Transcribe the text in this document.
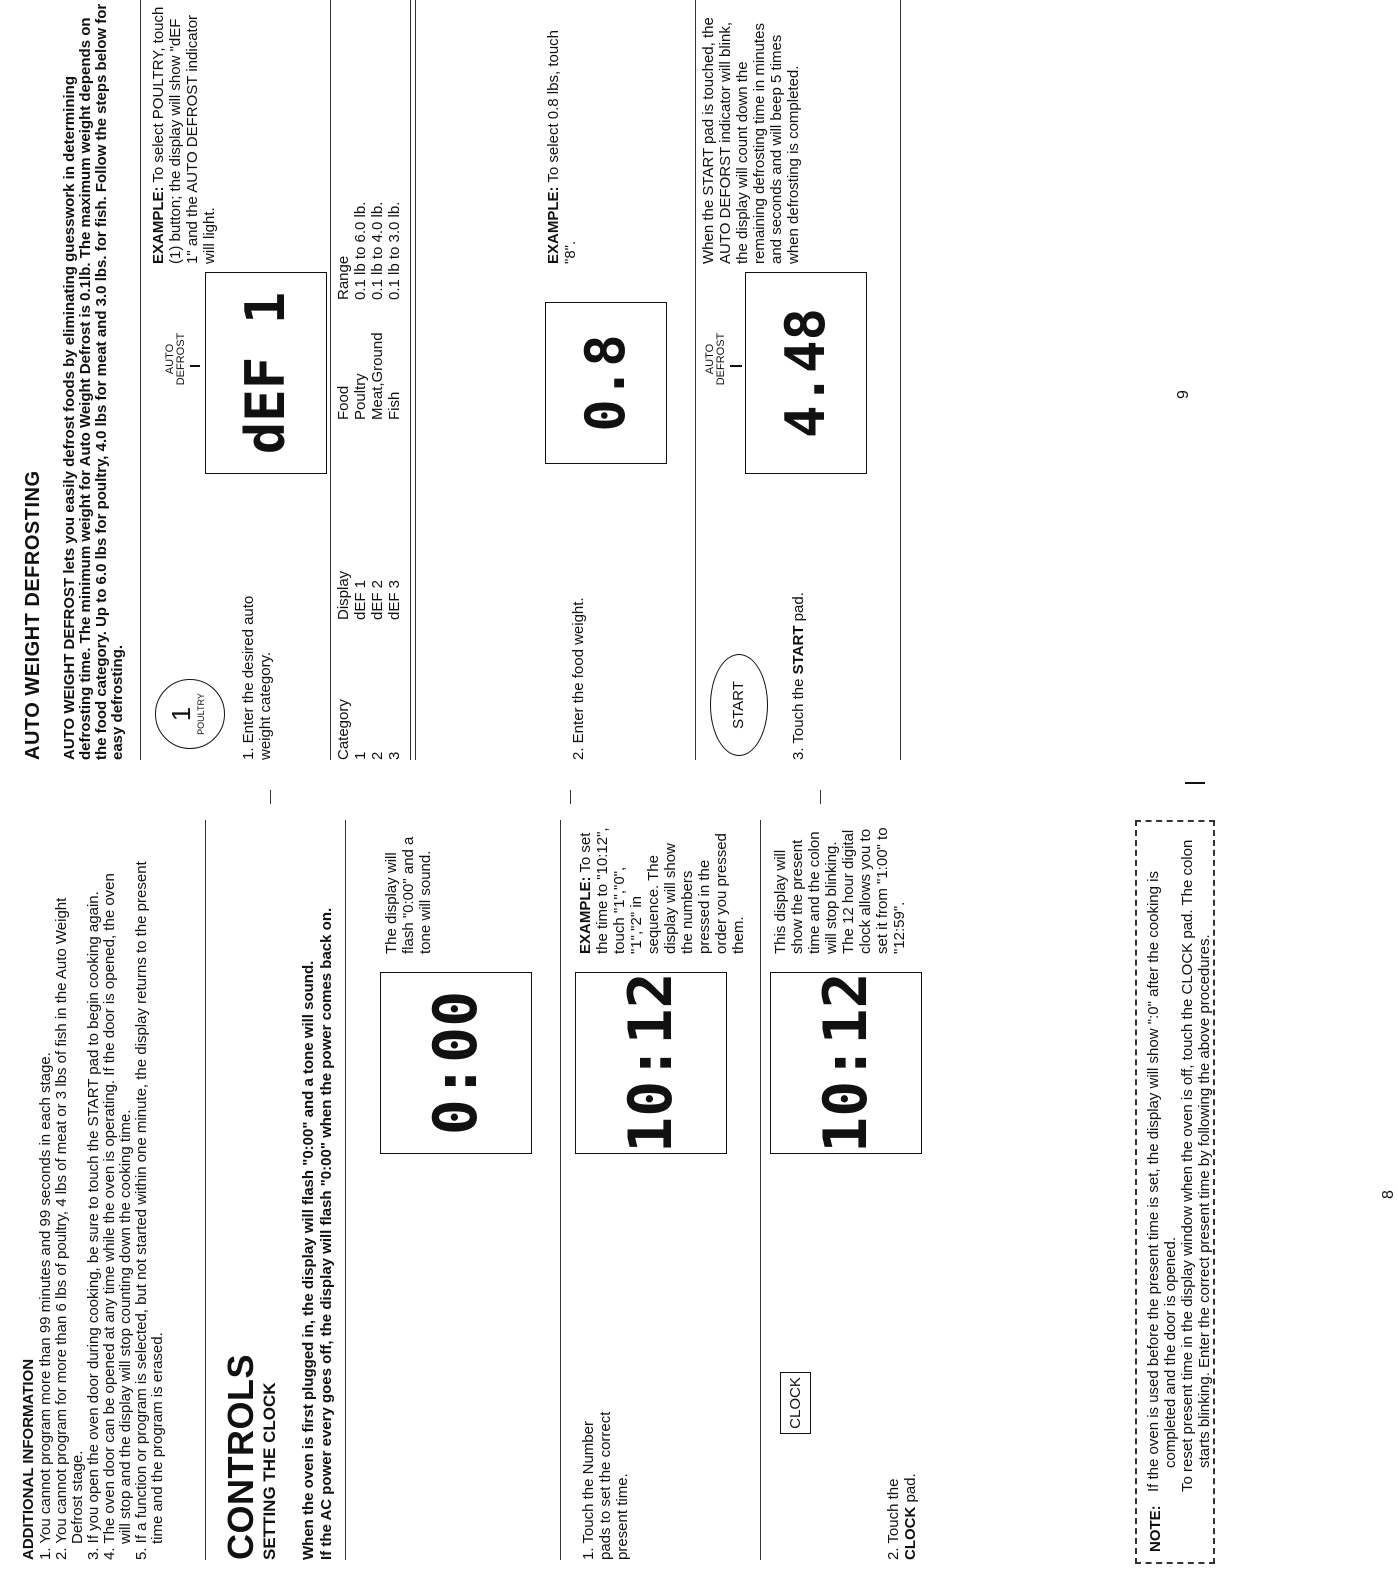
ADDITIONAL INFORMATION 1. You cannot program more than 99 minutes and 99 seconds in each stage. 2. You cannot program for more than 6 lbs of poultry, 4 lbs of meat or 3 lbs of fish in the Auto Weight Defrost stage. 3. If you open the oven door during cooking, be sure to touch the START pad to begin cooking again. 4. The oven door can be opened at any time while the oven is operating. If the door is opened, the oven will stop and the display will stop counting down the cooking time. 5. If a function or program is selected, but not started within one minute, the display returns to the present time and the program is erased. CONTROLS SETTING THE CLOCK When the oven is first plugged in, the display will flash "0:00" and a tone will sound. If the AC power every goes off, the display will flash "0:00" when the power comes back on.	0:00
The display will flash "0:00" and a tone will sound.
1. Touch the Number pads to set the correct present time.
10:12
EXAMPLE: To set the time to "10:12", touch "1","0", "1","2" in sequence. The display will show the numbers pressed in the order you pressed them.
CLOCK
2. Touch the CLOCK pad.
10:12
This display will show the present time and the colon will stop blinking. The 12 hour digital clock allows you to set it from "1:00" to "12:59".
NOTE:
If the oven is used before the present time is set, the display will show ":0" after the cooking is completed and the door is opened. To reset present time in the display window when the oven is off, touch the CLOCK pad. The colon starts blinking. Enter the correct present time by following the above procedures.	8
AUTO WEIGHT DEFROSTING AUTO WEIGHT DEFROST lets you easily defrost foods by eliminating guesswork in determining defrosting time. The minimum weight for Auto Weight Defrost is 0.1lb. The maximum weight depends on the food category. Up to 6.0 lbs for poultry, 4.0 lbs for meat and 3.0 lbs. for fish. Follow the steps below for easy defrosting. 1 POULTRY 1. Enter the desired auto weight category.
AUTO DEFROST dEF 1
EXAMPLE: To select POULTRY, touch (1) button; the display will show "dEF 1" and the AUTO DEFROST indicator will light.
Category	Display	Food	Range
1	dEF 1	Poultry	0.1 lb to 6.0 lb.
2	dEF 2	Meat,Ground	0.1 lb to 4.0 lb.
3	dEF 3	Fish	0.1 lb to 3.0 lb.
2. Enter the food weight.
0.8
EXAMPLE: To select 0.8 lbs, touch "8".
START	3. Touch the START pad.
AUTO DEFROST 4.48
When the START pad is touched, the AUTO DEFORST indicator will blink, the display will count down the remaining defrosting time in minutes and seconds and will beep 5 times when defrosting is completed.
9
